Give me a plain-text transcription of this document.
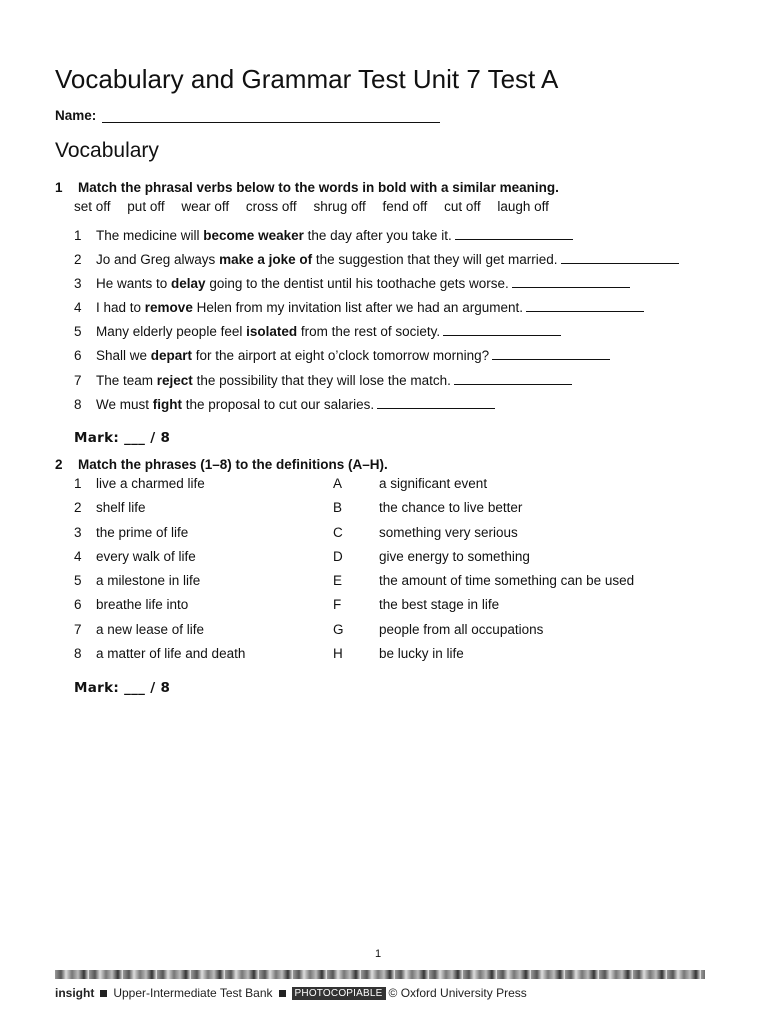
Vocabulary and Grammar Test Unit 7 Test A
Name:
Vocabulary
1 Match the phrasal verbs below to the words in bold with a similar meaning.
set off put off wear off cross off shrug off fend off cut off laugh off
1 The medicine will become weaker the day after you take it.
2 Jo and Greg always make a joke of the suggestion that they will get married.
3 He wants to delay going to the dentist until his toothache gets worse.
4 I had to remove Helen from my invitation list after we had an argument.
5 Many elderly people feel isolated from the rest of society.
6 Shall we depart for the airport at eight o’clock tomorrow morning?
7 The team reject the possibility that they will lose the match.
8 We must fight the proposal to cut our salaries.
Mark: ___ / 8
2 Match the phrases (1–8) to the definitions (A–H).
1 live a charmed life	A	a significant event
2 shelf life	B	the chance to live better
3 the prime of life	C	something very serious
4 every walk of life	D	give energy to something
5 a milestone in life	E	the amount of time something can be used
6 breathe life into	F	the best stage in life
7 a new lease of life	G	people from all occupations
8 a matter of life and death	H	be lucky in life
Mark: ___ / 8
1
insight Upper-Intermediate Test Bank	PHOTOCOPIABLE © Oxford University Press
